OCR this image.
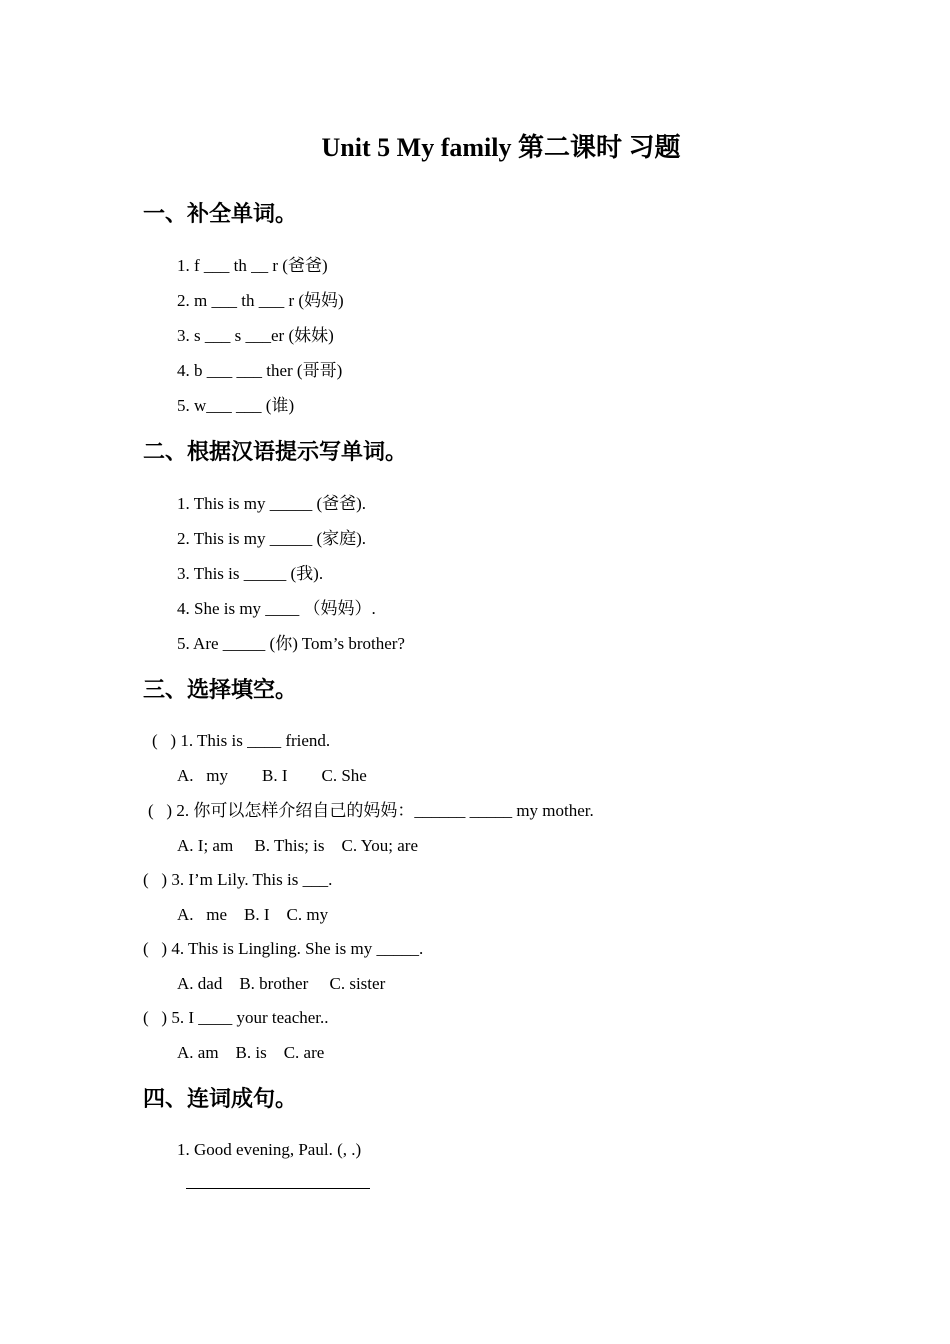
Unit 5 My family 第二课时 习题
一、补全单词。
1. f ___ th __ r (爸爸)
2. m ___ th ___ r (妈妈)
3. s ___ s ___er (妹妹)
4. b ___ ___ ther (哥哥)
5. w___ ___ (谁)
二、根据汉语提示写单词。
1. This is my _____ (爸爸).
2. This is my _____ (家庭).
3. This is _____ (我).
4. She is my ____ （妈妈）.
5. Are _____ (你) Tom’s brother?
三、选择填空。
(   ) 1. This is ____ friend.
A.   my        B. I        C. She
(   ) 2. 你可以怎样介绍自己的妈妈：______ _____ my mother.
A. I; am     B. This; is    C. You; are
(   ) 3. I’m Lily. This is ___.
A.   me    B. I    C. my
(   ) 4. This is Lingling. She is my _____.
A. dad    B. brother     C. sister
(   ) 5. I ____ your teacher..
A. am    B. is    C. are
四、连词成句。
1. Good evening, Paul. (, .)
